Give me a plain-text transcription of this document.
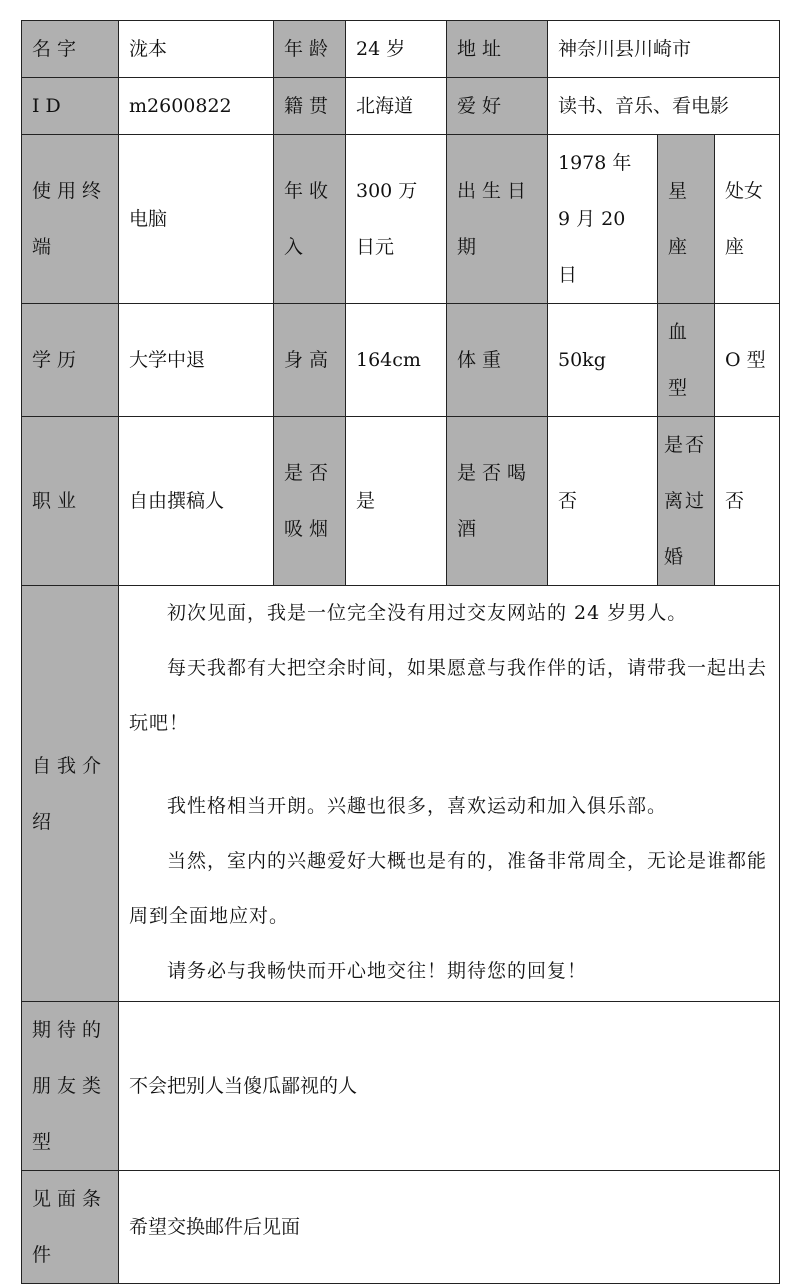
名字	泷本	年龄	24 岁	地址	神奈川县川崎市		
ID	m2600822	籍贯	北海道	爱好	读书、音乐、看电影		
使用终端	电脑	年收入	300 万日元	出生日期	1978 年 9 月 20 日	星座	处女座
学历	大学中退	身高	164cm	体重	50kg	血型	O 型
职业	自由撰稿人	是否吸烟	是	是否喝酒	否	是否离过婚	否
自我介绍	初次见面，我是一位完全没有用过交友网站的 24 岁男人。

每天我都有大把空余时间，如果愿意与我作伴的话，请带我一起出去玩吧！

我性格相当开朗。兴趣也很多，喜欢运动和加入俱乐部。

当然，室内的兴趣爱好大概也是有的，准备非常周全，无论是谁都能周到全面地应对。

请务必与我畅快而开心地交往！期待您的回复！						

期待的朋友类型	不会把别人当傻瓜鄙视的人						
见面条件	希望交换邮件后见面						
